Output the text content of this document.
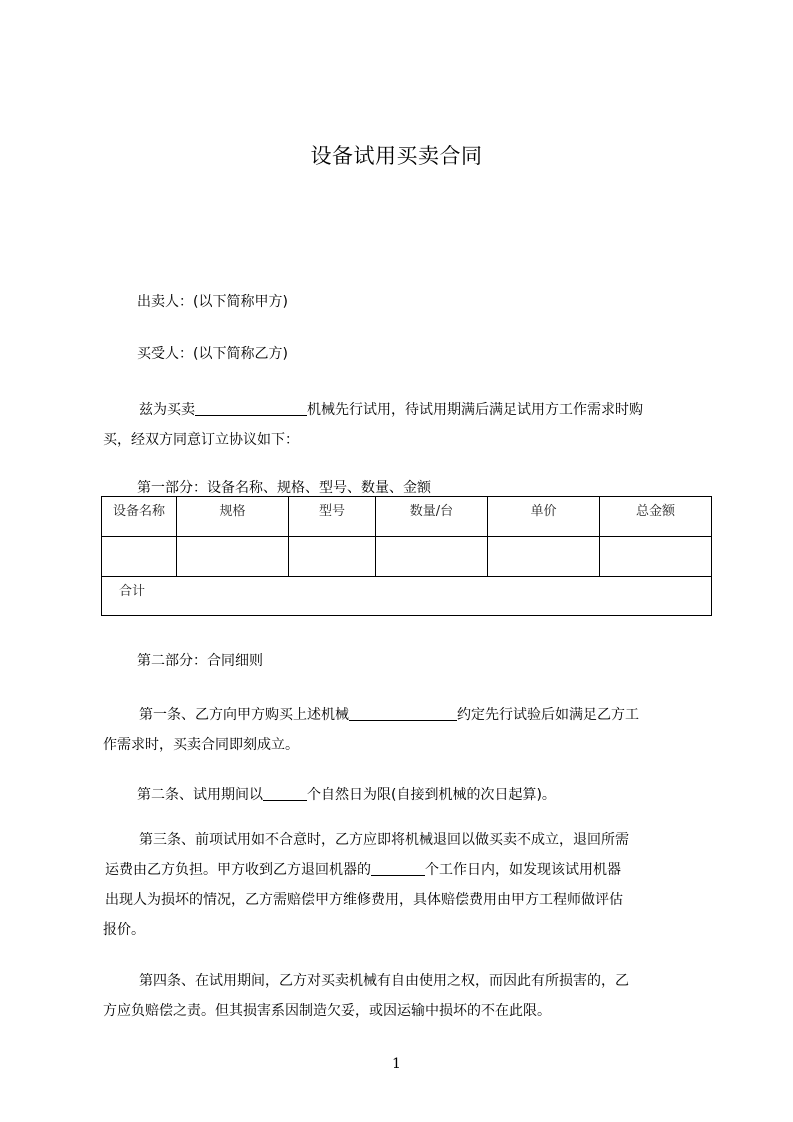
设备试用买卖合同
出卖人：(以下简称甲方)
买受人：(以下简称乙方)
兹为买卖	机械先行试用，待试用期满后满足试用方工作需求时购
买，经双方同意订立协议如下：
第一部分：设备名称、规格、型号、数量、金额
设备名称	规格	型号	数量/台	单价	总金额

合计					
第二部分：合同细则
第一条、乙方向甲方购买上述机械	约定先行试验后如满足乙方工
作需求时，买卖合同即刻成立。
第二条、试用期间以	个自然日为限(自接到机械的次日起算)。
第三条、前项试用如不合意时，乙方应即将机械退回以做买卖不成立，退回所需
运费由乙方负担。甲方收到乙方退回机器的	个工作日内，如发现该试用机器
出现人为损坏的情况，乙方需赔偿甲方维修费用，具体赔偿费用由甲方工程师做评估
报价。
第四条、在试用期间，乙方对买卖机械有自由使用之权，而因此有所损害的，乙
方应负赔偿之责。但其损害系因制造欠妥，或因运输中损坏的不在此限。
1
